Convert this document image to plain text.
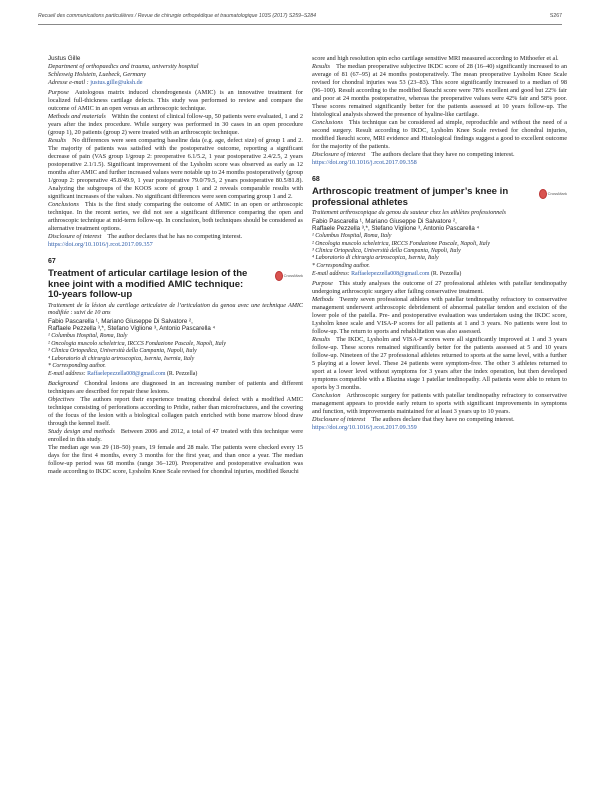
Recueil des communications particulières / Revue de chirurgie orthopédique et traumatologique 103S (2017) S259–S284	S267

Justus Gille

Department of orthopaedics and trauma, university hospital

Schleswig Holstein, Luebeck, Germany

Adresse e-mail : justus.gille@uksh.de

Purpose Autologous matrix induced chondrogenesis (AMIC) is an innovative treatment for localized full-thickness cartilage defects. This study was performed to review and compare the outcome of AMIC in an open versus an arthroscopic technique.

Methods and materials Within the context of clinical follow-up, 50 patients were evaluated, 1 and 2 years after the index procedure. While surgery was performed in 30 cases in an open procedure (group 1), 20 patients (group 2) were treated with an arthroscopic technique.

Results No differences were seen comparing baseline data (e.g. age, defect size) of group 1 and 2. The majority of patients was satisfied with the postoperative outcome, reporting a significant decrease of pain (VAS group 1/group 2: preoperative 6.1/5.2, 1 year postoperative 2.4/2.5, 2 years postoperative 2.1/1.5). Significant improvement of the Lysholm score was observed as early as 12 months after AMIC and further increased values were notable up to 24 months postoperatively (group 1/group 2: preoperative 45.8/49.9, 1 year postoperative 79.0/79.5, 2 years postoperative 80.5/81.8). Analyzing the subgroups of the KOOS score of group 1 and 2 reveals comparable results with significant increases of the values. No significant differences were seen comparing group 1 and 2.

Conclusions This is the first study comparing the outcome of AMIC in an open or arthroscopic technique. In the recent series, we did not see a significant difference comparing the open and arthroscopic technique at mid-term follow-up. In conclusion, both techniques should be considered as alternative treatment options.

Disclosure of interest The author declares that he has no competing interest.

https://doi.org/10.1016/j.rcot.2017.09.357

67

Treatment of articular cartilage lesion of the knee joint with a modified AMIC technique: 10-years follow-up
CrossMark

Traitement de la lésion du cartilage articulaire de l’articulation du genou avec une technique AMIC modifiée : suivi de 10 ans

Fabio Pascarella ¹, Mariano Giuseppe Di Salvatore ²,

Raffaele Pezzella ³,*, Stefano Viglione ³, Antonio Pascarella ⁴

¹ Columbus Hospital, Roma, Italy

² Oncologia muscolo scheletrica, IRCCS Fondazione Pascale, Napoli, Italy

³ Clinica Ortopedica, Università della Campania, Napoli, Italy

⁴ Laboratorio di chirurgia artroscopica, Isernia, Isernia, Italy

* Corresponding author.

E-mail address: Raffaelepezzella008@gmail.com (R. Pezzella)

Background Chondral lesions are diagnosed in an increasing number of patients and different techniques are described for repair these lesions.

Objectives The authors report their experience treating chondral defect with a modified AMIC technique consisting of perforations according to Pridie, rather than microfractures, and the covering of the focus of the lesion with a biological collagen patch enriched with bone marrow blood draw through the kennel itself.

Study design and methods Between 2006 and 2012, a total of 47 treated with this technique were enrolled in this study.

The median age was 29 (18–50) years, 19 female and 28 male. The patients were checked every 15 days for the first 4 months, every 3 months for the first year, and than once a year. The median follow-up period was 68 months (range 36–120). Preoperative and postoperative evaluation was made according to IKDC score, Lysholm Knee Scale revised for chondral injuries, modified Ikeuchi

score and high resolution spin echo cartilage sensitive MRI measured according to Mithoefer et al.

Results The median preoperative subjective IKDC score of 28 (16–40) significantly increased to an average of 81 (67–95) at 24 months postoperatively. The mean preoperative Lysholm Knee Scale revised for chondral injuries was 53 (23–83). This score significantly increased to a median of 98 (96–100). Result according to the modified Ikeuchi score were 78% excellent and good but 22% fair and poor at 24 months postoperative, whereas the preoperative values were 42% fair and 58% poor. These scores remained significantly better for the patients assessed at 10 years follow-up. The histological analysis showed the presence of hyaline-like cartilage.

Conclusions This technique can be considered ad simple, reproducible and without the need of a second surgery. Result according to IKDC, Lysholm Knee Scale revised for chondral injuries, modified Ikeuchi score, MRI evidence and Histological findings suggest a good to excellent outcome for the majority of the patients.

Disclosure of interest The authors declare that they have no competing interest.

https://doi.org/10.1016/j.rcot.2017.09.358

68

Arthroscopic treatment of jumper’s knee in professional athletes
CrossMark

Traitement arthroscopique du genou du sauteur chez les athlètes professionnels

Fabio Pascarella ¹, Mariano Giuseppe Di Salvatore ²,

Raffaele Pezzella ³,*, Stefano Viglione ³, Antonio Pascarella ⁴

¹ Columbus Hospital, Roma, Italy

² Oncologia muscolo scheletrica, IRCCS Fondazione Pascale, Napoli, Italy

³ Clinica Ortopedica, Università della Campania, Napoli, Italy

⁴ Laboratorio di chirurgia artroscopica, Isernia, Italy

* Corresponding author.

E-mail address: Raffaelepezzella008@gmail.com (R. Pezzella)

Purpose This study analyses the outcome of 27 professional athletes with patellar tendinopathy undergoing arthroscopic surgery after failing conservative treatment.

Methods Twenty seven professional athletes with patellar tendinopathy refractory to conservative management underwent arthroscopic debridement of abnormal patellar tendon and excision of the lower pole of the patella. Pre- and postoperative evaluation was undertaken using the IKDC score, Lysholm knee scale and VISA-P scores for all patients at 1 and 3 years. No patients were lost to follow-up. The return to sports and rehabilitation was also assessed.

Results The IKDC, Lysholm and VISA-P scores were all significantly improved at 1 and 3 years follow-up. These scores remained significantly better for the patients assessed at 5 and 10 years follow-up. Nineteen of the 27 professional athletes returned to sports at the same level, with a further 5 playing at a lower level. These 24 patients were symptom-free. The other 3 athletes returned to sport at a lower level without symptoms for 3 years after the index operation, but then developed symptoms compatible with a Blazina stage 1 patellar tendinopathy. All patients were able to return to sports by 3 months.

Conclusion Arthroscopic surgery for patients with patellar tendinopathy refractory to conservative management appears to provide early return to sports with significant improvements in symptoms and function, with improvements maintained for at least 3 years up to 10 years.

Disclosure of interest The authors declare that they have no competing interest.

https://doi.org/10.1016/j.rcot.2017.09.359
